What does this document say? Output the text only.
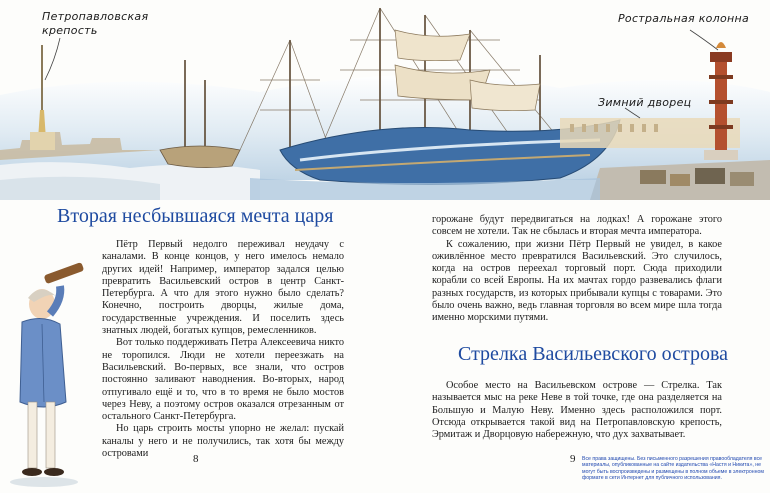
Петропавловская
крепость
Ростральная колонна
Зимний дворец
Вторая несбывшаяся мечта царя

Пётр Первый недолго переживал неудачу с каналами. В конце концов, у него имелось немало других идей! Например, император задался целью превратить Васильевский остров в центр Санкт-Петербурга. А что для этого нужно было сделать? Конечно, построить дворцы, жилые дома, государственные учреждения. И поселить здесь знатных людей, богатых купцов, ремесленников.

Вот только поддерживать Петра Алексеевича никто не торопился. Люди не хотели переезжать на Васильевский. Во-первых, все знали, что остров постоянно заливают наводнения. Во-вторых, народ отпугивало ещё и то, что в то время не было мостов через Неву, а поэтому остров оказался отрезанным от остального Санкт-Петербурга.

Но царь строить мосты упорно не желал: пускай каналы у него и не получились, так хотя бы между островами	8

горожане будут передвигаться на лодках! А горожане этого совсем не хотели. Так не сбылась и вторая мечта императора.

К сожалению, при жизни Пётр Первый не увидел, в какое оживлённое место превратился Васильевский. Это случилось, когда на остров переехал торговый порт. Сюда приходили корабли со всей Европы. На их мачтах гордо развевались флаги разных государств, из которых прибывали купцы с товарами. Это было очень важно, ведь главная торговля во всем мире шла тогда именно морскими путями.

Стрелка Васильевского острова

Особое место на Васильевском острове — Стрелка. Так называется мыс на реке Неве в той точке, где она разделяется на Большую и Малую Неву. Именно здесь расположился порт. Отсюда открывается такой вид на Петропавловскую крепость, Эрмитаж и Дворцовую набережную, что дух захватывает.

9 Все права защищены. Без письменного разрешения правообладателя все материалы, опубликованные на сайте издательства «Настя и Никита», не могут быть воспроизведены и размещены в полном объеме в электронном формате в сети Интернет для публичного использования.
